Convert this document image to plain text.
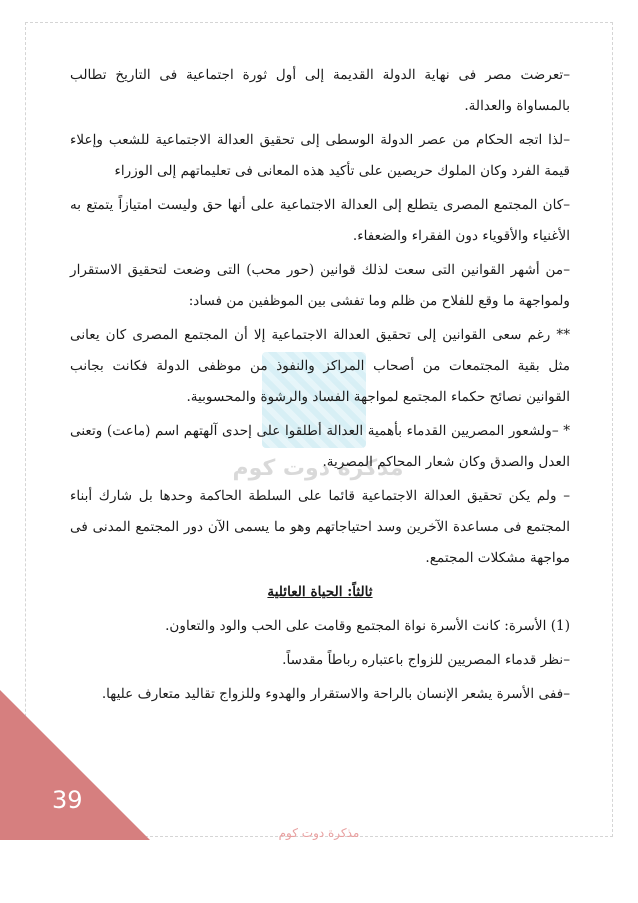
مذكرة دوت كوم

–تعرضت مصر فى نهاية الدولة القديمة إلى أول ثورة اجتماعية فى التاريخ تطالب بالمساواة والعدالة.

–لذا اتجه الحكام من عصر الدولة الوسطى إلى تحقيق العدالة الاجتماعية للشعب وإعلاء قيمة الفرد وكان الملوك حريصين على تأكيد هذه المعانى فى تعليماتهم إلى الوزراء

–كان المجتمع المصرى يتطلع إلى العدالة الاجتماعية على أنها حق وليست امتيازاً يتمتع به الأغنياء والأقوياء دون الفقراء والضعفاء.

–من أشهر القوانين التى سعت لذلك قوانين (حور محب) التى وضعت لتحقيق الاستقرار ولمواجهة ما وقع للفلاح من ظلم وما تفشى بين الموظفين من فساد:

** رغم سعى القوانين إلى تحقيق العدالة الاجتماعية إلا أن المجتمع المصرى كان يعانى مثل بقية المجتمعات من أصحاب المراكز والنفوذ من موظفى الدولة فكانت بجانب القوانين نصائح حكماء المجتمع لمواجهة الفساد والرشوة والمحسوبية.

* –ولشعور المصريين القدماء بأهمية العدالة أطلقوا على إحدى آلهتهم اسم (ماعت) وتعنى العدل والصدق وكان شعار المحاكم المصرية.

– ولم يكن تحقيق العدالة الاجتماعية قائما على السلطة الحاكمة وحدها بل شارك أبناء المجتمع فى مساعدة الآخرين وسد احتياجاتهم وهو ما يسمى الآن دور المجتمع المدنى فى مواجهة مشكلات المجتمع.

ثالثاً: الحياة العائلية

(1) الأسرة: كانت الأسرة نواة المجتمع وقامت على الحب والود والتعاون.

–نظر قدماء المصريين للزواج باعتباره رباطاً مقدساً.

–ففى الأسرة يشعر الإنسان بالراحة والاستقرار والهدوء وللزواج تقاليد متعارف عليها.

39
مذكرة دوت كوم
